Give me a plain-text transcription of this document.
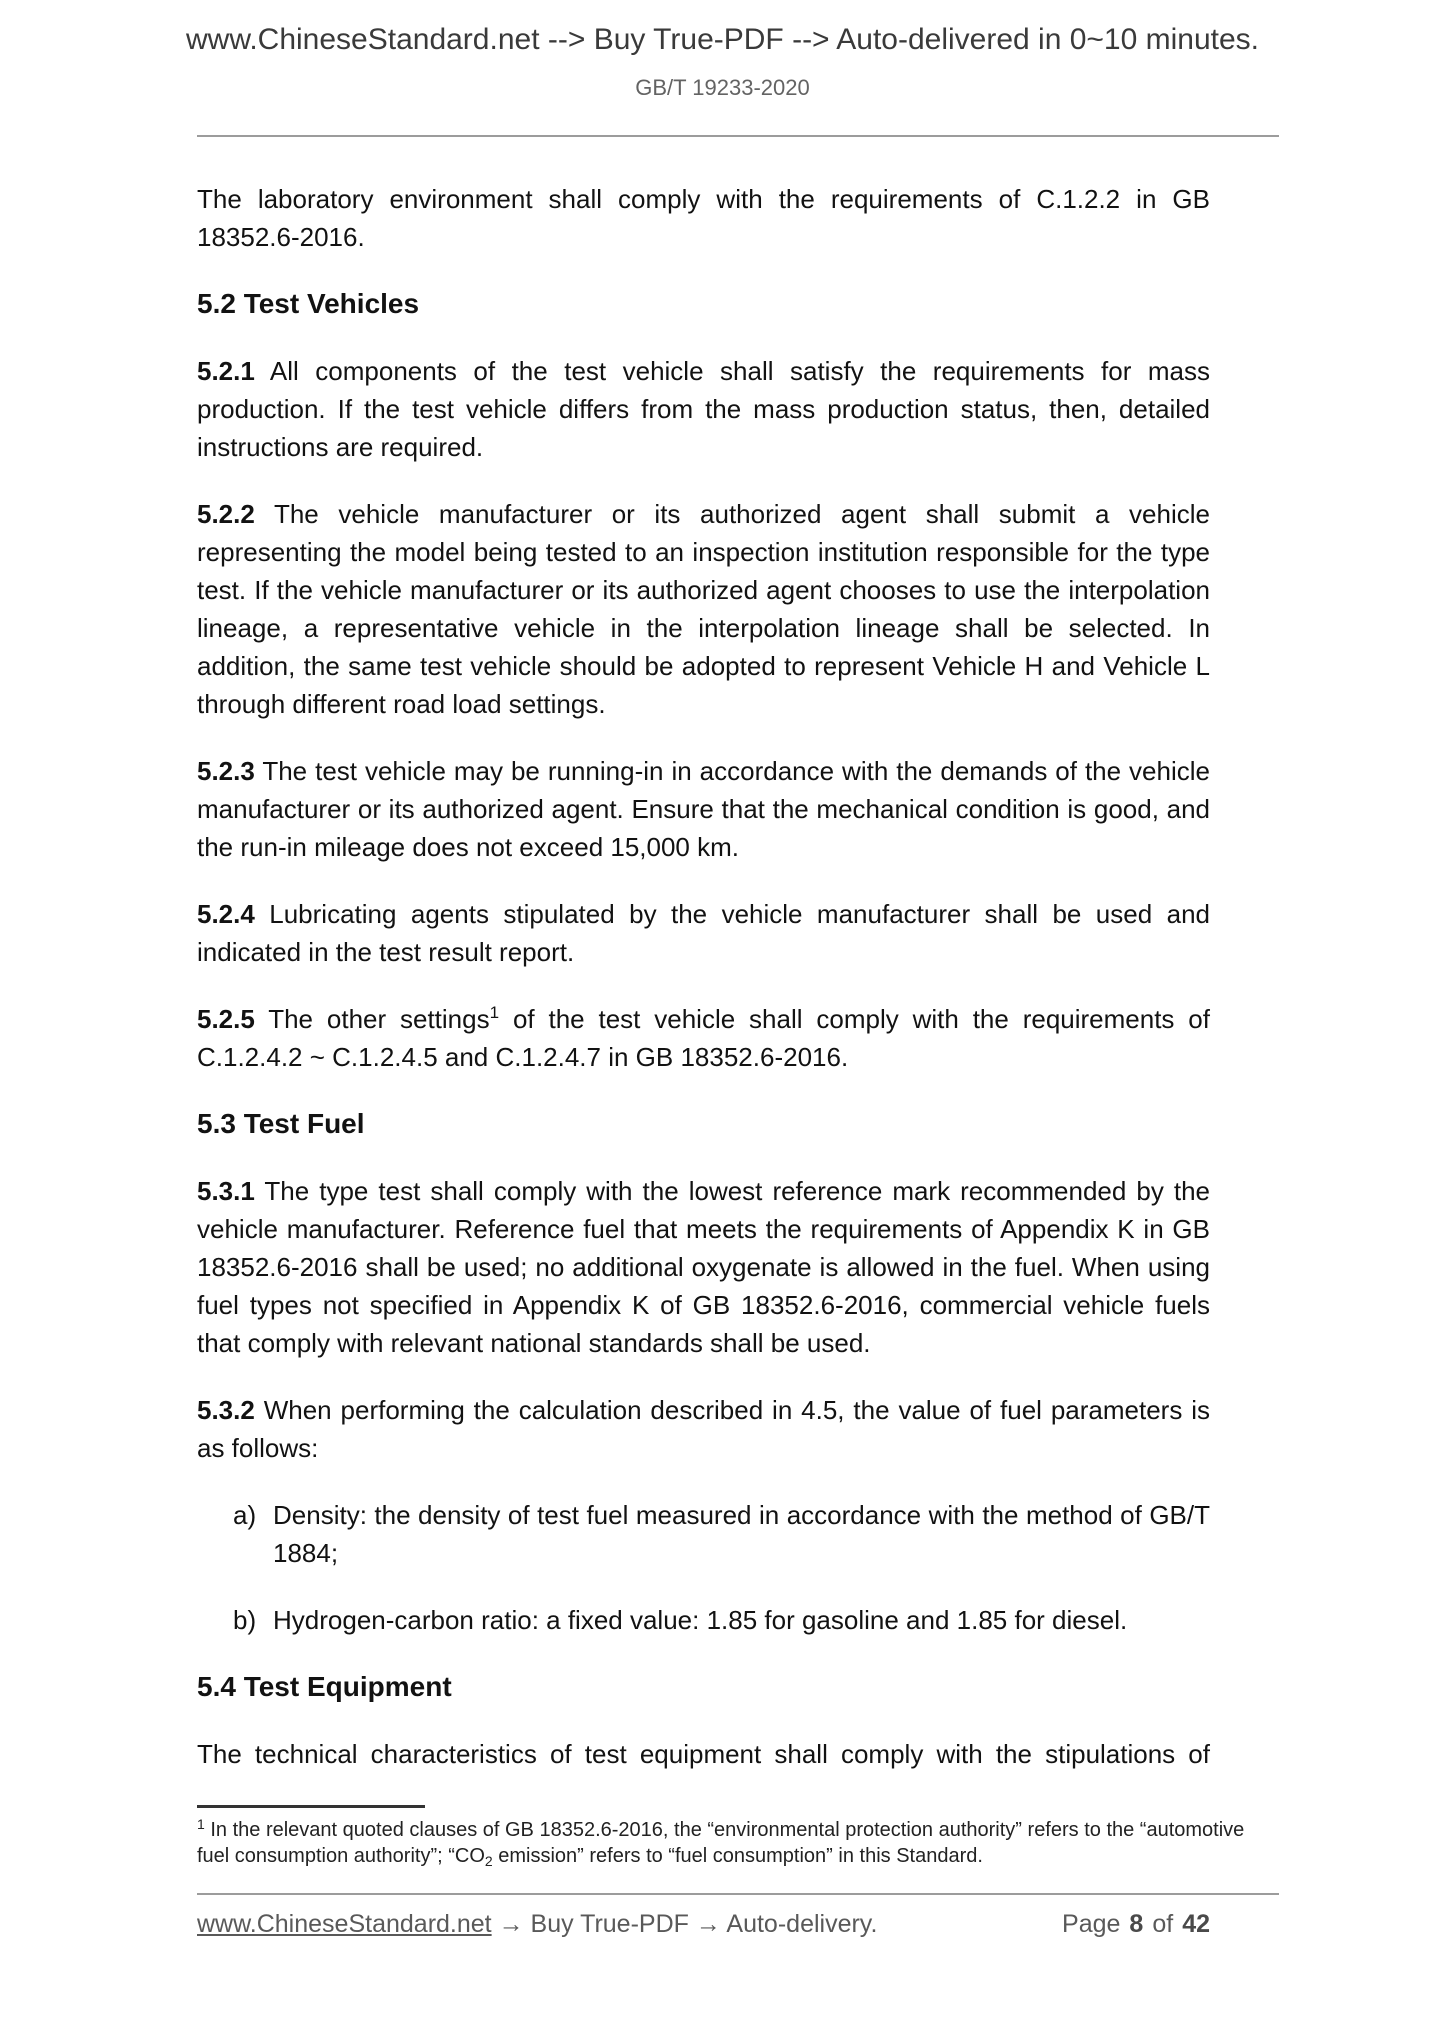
www.ChineseStandard.net --> Buy True-PDF --> Auto-delivered in 0~10 minutes.
GB/T 19233-2020

The laboratory environment shall comply with the requirements of C.1.2.2 in GB 18352.6-2016.

5.2 Test Vehicles

5.2.1 All components of the test vehicle shall satisfy the requirements for mass production. If the test vehicle differs from the mass production status, then, detailed instructions are required.

5.2.2 The vehicle manufacturer or its authorized agent shall submit a vehicle representing the model being tested to an inspection institution responsible for the type test. If the vehicle manufacturer or its authorized agent chooses to use the interpolation lineage, a representative vehicle in the interpolation lineage shall be selected. In addition, the same test vehicle should be adopted to represent Vehicle H and Vehicle L through different road load settings.

5.2.3 The test vehicle may be running-in in accordance with the demands of the vehicle manufacturer or its authorized agent. Ensure that the mechanical condition is good, and the run-in mileage does not exceed 15,000 km.

5.2.4 Lubricating agents stipulated by the vehicle manufacturer shall be used and indicated in the test result report.

5.2.5 The other settings$^1$ of the test vehicle shall comply with the requirements of C.1.2.4.2 ~ C.1.2.4.5 and C.1.2.4.7 in GB 18352.6-2016.

5.3 Test Fuel

5.3.1 The type test shall comply with the lowest reference mark recommended by the vehicle manufacturer. Reference fuel that meets the requirements of Appendix K in GB 18352.6-2016 shall be used; no additional oxygenate is allowed in the fuel. When using fuel types not specified in Appendix K of GB 18352.6-2016, commercial vehicle fuels that comply with relevant national standards shall be used.

5.3.2 When performing the calculation described in 4.5, the value of fuel parameters is as follows:

a) Density: the density of test fuel measured in accordance with the method of GB/T 1884;
b) Hydrogen-carbon ratio: a fixed value: 1.85 for gasoline and 1.85 for diesel.
5.4 Test Equipment

The technical characteristics of test equipment shall comply with the stipulations of

$^1$ In the relevant quoted clauses of GB 18352.6-2016, the “environmental protection authority” refers to the “automotive fuel consumption authority”; “$CO_2$ emission” refers to “fuel consumption” in this Standard.
www.ChineseStandard.net → Buy True-PDF → Auto-delivery.	Page 8 of 42
